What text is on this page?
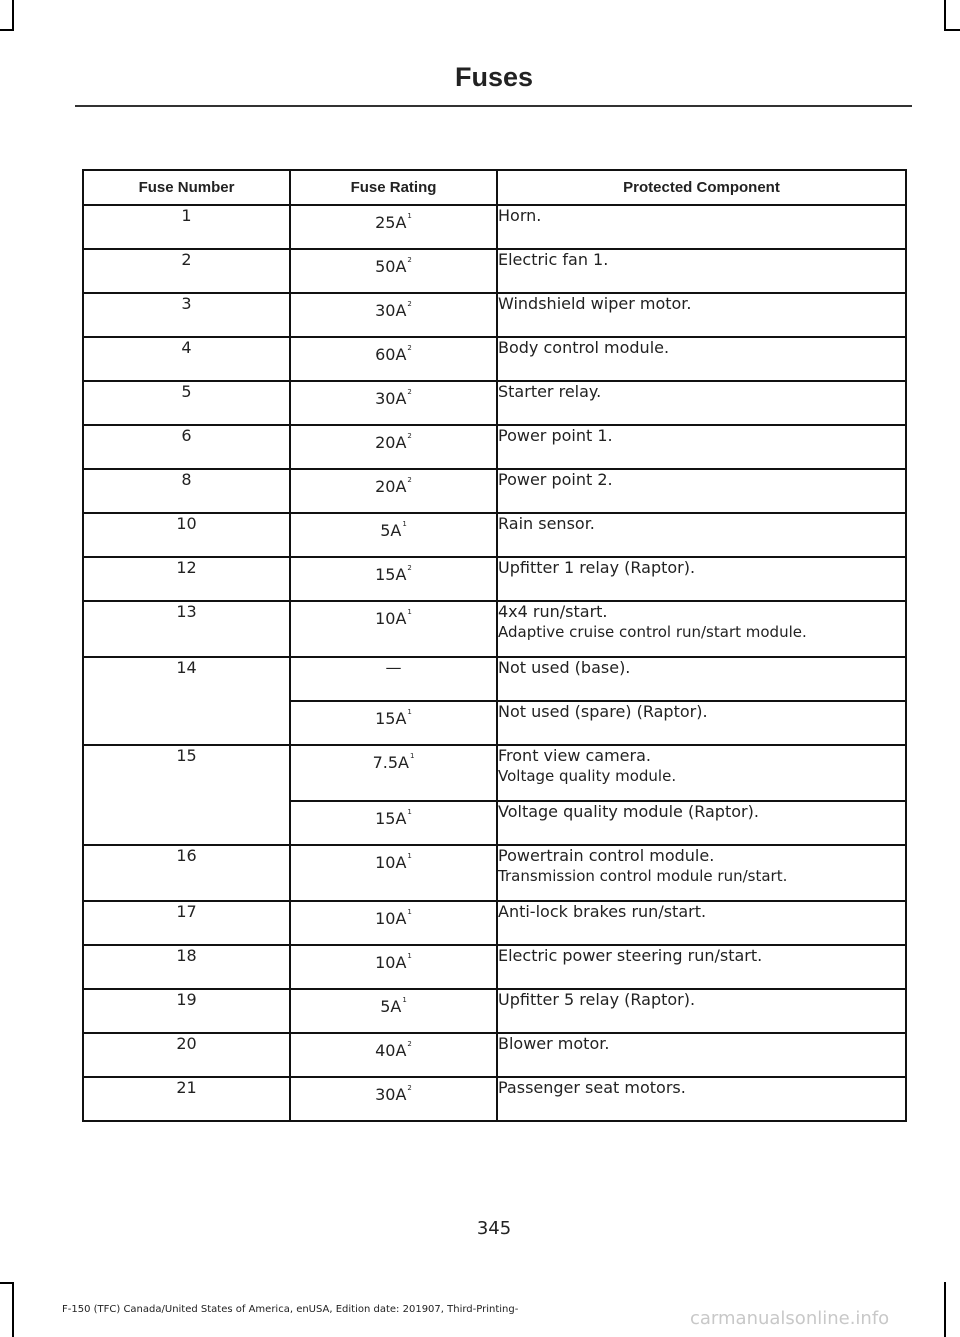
Fuses
Fuse Number	Fuse Rating	Protected Component
1	$25A^1$	Horn.

2	$50A^2$	Electric fan 1.

3	$30A^2$	Windshield wiper motor.

4	$60A^2$	Body control module.

5	$30A^2$	Starter relay.

6	$20A^2$	Power point 1.

8	$20A^2$	Power point 2.

10	$5A^1$	Rain sensor.

12	$15A^2$	Upfitter 1 relay (Raptor).

13	$10A^1$	4x4 run/start.
Adaptive cruise control run/start module.

14	—	Not used (base).

	$15A^1$	Not used (spare) (Raptor).

15	$7.5A^1$	Front view camera.
Voltage quality module.

	$15A^1$	Voltage quality module (Raptor).

16	$10A^1$	Powertrain control module.
Transmission control module run/start.

17	$10A^1$	Anti-lock brakes run/start.

18	$10A^1$	Electric power steering run/start.

19	$5A^1$	Upfitter 5 relay (Raptor).

20	$40A^2$	Blower motor.

21	$30A^2$	Passenger seat motors.
345
F-150 (TFC) Canada/United States of America, enUSA, Edition date: 201907, Third-Printing-	carmanualsonline.info
